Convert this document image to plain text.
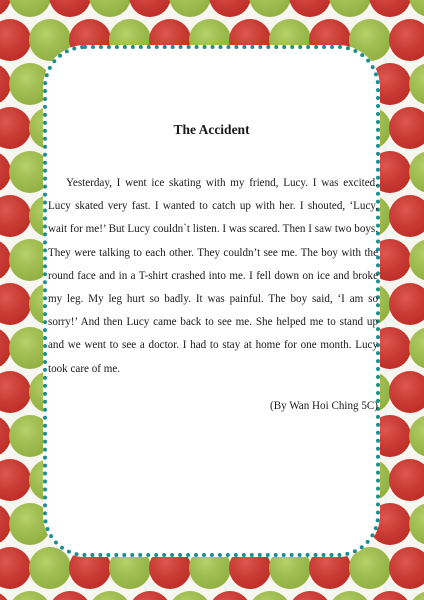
The Accident

Yesterday, I went ice skating with my friend, Lucy. I was excited. Lucy skated very fast. I wanted to catch up with her. I shouted, ‘Lucy, wait for me!’ But Lucy couldn`t listen. I was scared. Then I saw two boys. They were talking to each other. They couldn’t see me. The boy with the round face and in a T-shirt crashed into me. I fell down on ice and broke my leg. My leg hurt so badly. It was painful. The boy said, ‘I am so sorry!’ And then Lucy came back to see me. She helped me to stand up and we went to see a doctor. I had to stay at home for one month. Lucy took care of me.

(By Wan Hoi Ching 5C)
